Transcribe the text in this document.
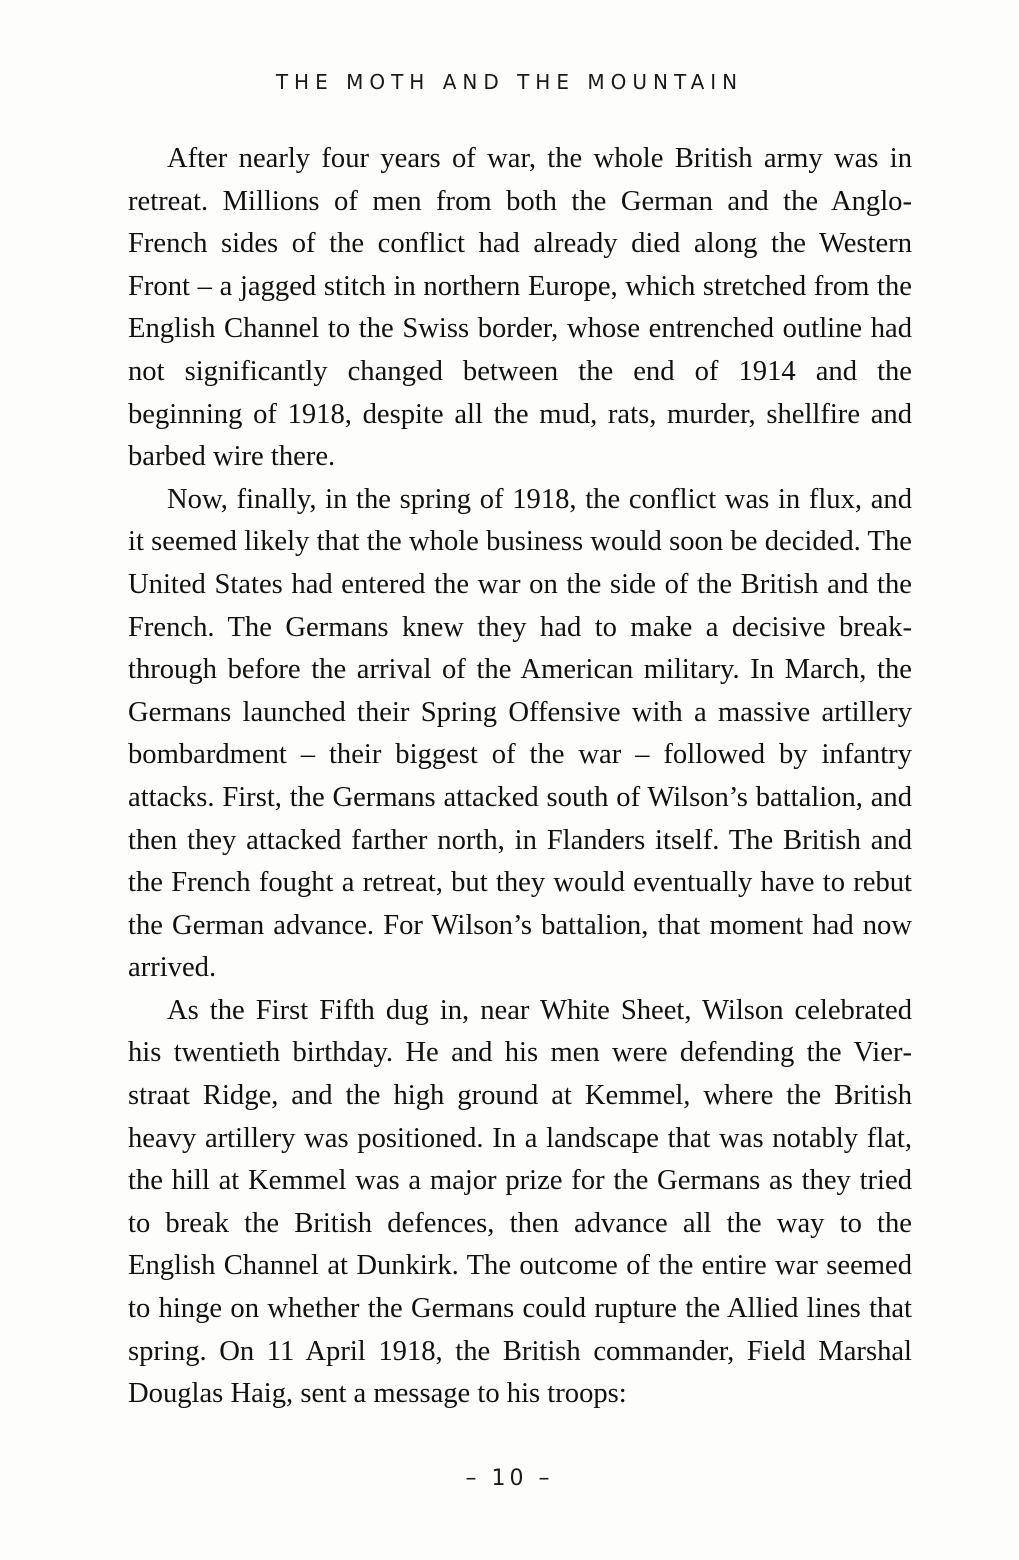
THE MOTH AND THE MOUNTAIN

After nearly four years of war, the whole British army was in retreat. Millions of men from both the German and the Anglo-French sides of the conflict had already died along the Western Front – a jagged stitch in northern Europe, which stretched from the English Channel to the Swiss border, whose entrenched outline had not significantly changed between the end of 1914 and the beginning of 1918, despite all the mud, rats, murder, shellfire and barbed wire there.

Now, finally, in the spring of 1918, the conflict was in flux, and it seemed likely that the whole business would soon be decided. The United States had entered the war on the side of the British and the French. The Germans knew they had to make a decisive breakthrough before the arrival of the American military. In March, the Germans launched their Spring Offensive with a massive artillery bombardment – their biggest of the war – followed by infantry attacks. First, the Germans attacked south of Wilson’s battalion, and then they attacked farther north, in Flanders itself. The British and the French fought a retreat, but they would eventually have to rebut the German advance. For Wilson’s battalion, that moment had now arrived.

As the First Fifth dug in, near White Sheet, Wilson celebrated his twentieth birthday. He and his men were defending the Vierstraat Ridge, and the high ground at Kemmel, where the British heavy artillery was positioned. In a landscape that was notably flat, the hill at Kemmel was a major prize for the Germans as they tried to break the British defences, then advance all the way to the English Channel at Dunkirk. The outcome of the entire war seemed to hinge on whether the Germans could rupture the Allied lines that spring. On 11 April 1918, the British commander, Field Marshal Douglas Haig, sent a message to his troops:

– 10 –
